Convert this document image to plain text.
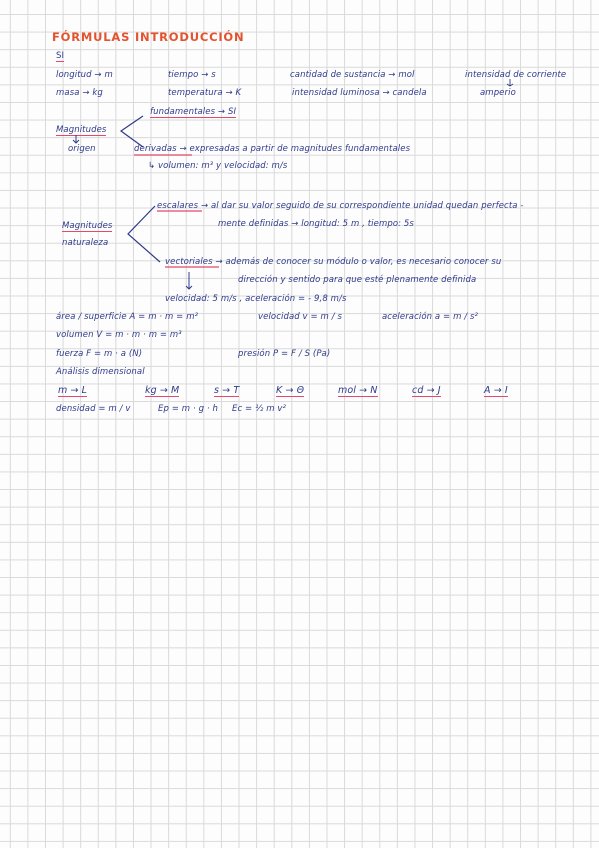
FÓRMULAS INTRODUCCIÓN
SI
longitud → m	tiempo → s	cantidad de sustancia → mol	intensidad de corriente
masa → kg	temperatura → K	intensidad luminosa → candela	amperio
fundamentales → SI
Magnitudes
origen	derivadas → expresadas a partir de magnitudes fundamentales
↳ volumen: m³ y velocidad: m/s
escalares → al dar su valor seguido de su correspondiente unidad quedan perfecta -
mente definidas → longitud: 5 m , tiempo: 5s
Magnitudes
naturaleza
vectoriales → además de conocer su módulo o valor, es necesario conocer su
dirección y sentido para que esté plenamente definida
velocidad: 5 m/s , aceleración = - 9,8 m/s
área / superficie A = m · m = m²	velocidad v = m / s	aceleración a = m / s²
volumen V = m · m · m = m³
fuerza F = m · a (N)	presión P = F / S (Pa)
Análisis dimensional
m → L	kg → M	s → T	K → Θ	mol → N	cd → J	A → I
densidad = m / v	Ep = m · g · h Ec = ½ m v²
